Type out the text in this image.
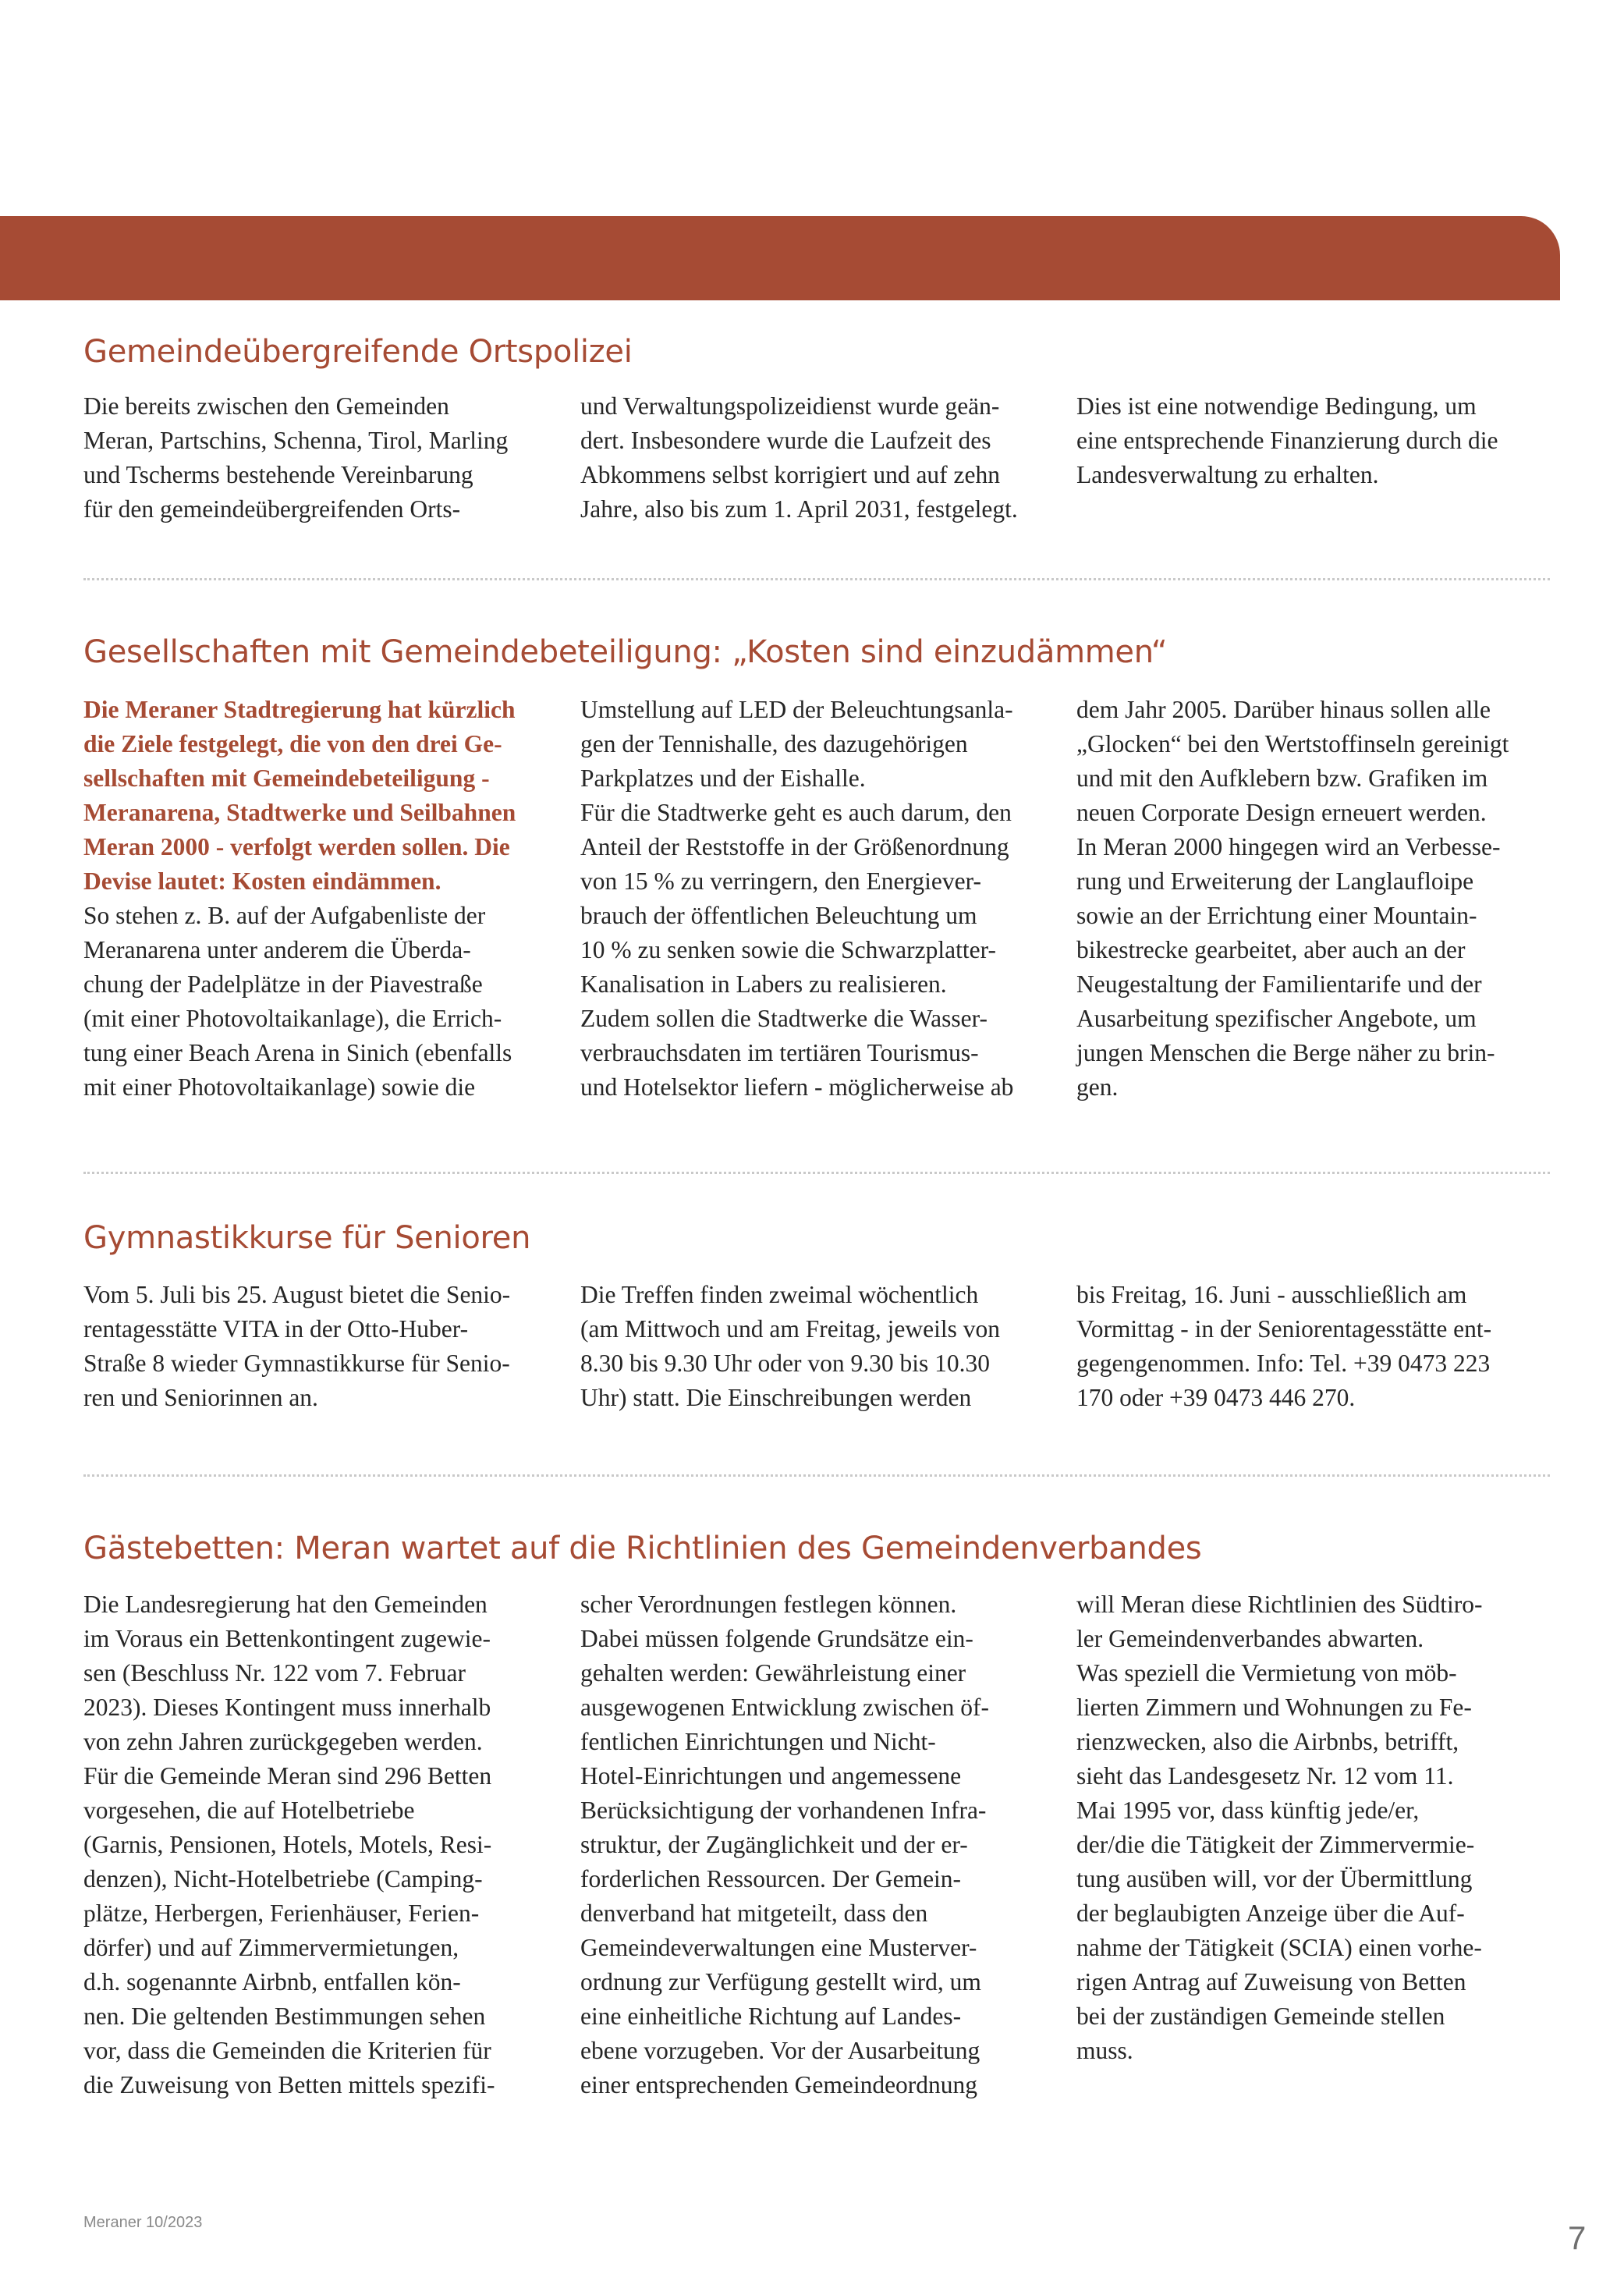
Gemeindeübergreifende Ortspolizei
Die bereits zwischen den Gemeinden
Meran, Partschins, Schenna, Tirol, Marling
und Tscherms bestehende Vereinbarung
für den gemeindeübergreifenden Orts-
und Verwaltungspolizeidienst wurde geän-
dert. Insbesondere wurde die Laufzeit des
Abkommens selbst korrigiert und auf zehn
Jahre, also bis zum 1. April 2031, festgelegt.
Dies ist eine notwendige Bedingung, um
eine entsprechende Finanzierung durch die
Landesverwaltung zu erhalten.
Gesellschaften mit Gemeindebeteiligung: „Kosten sind einzudämmen“
Die Meraner Stadtregierung hat kürzlich
die Ziele festgelegt, die von den drei Ge-
sellschaften mit Gemeindebeteiligung -
Meranarena, Stadtwerke und Seilbahnen
Meran 2000 - verfolgt werden sollen. Die
Devise lautet: Kosten eindämmen.
So stehen z. B. auf der Aufgabenliste der
Meranarena unter anderem die Überda-
chung der Padelplätze in der Piavestraße
(mit einer Photovoltaikanlage), die Errich-
tung einer Beach Arena in Sinich (ebenfalls
mit einer Photovoltaikanlage) sowie die
Umstellung auf LED der Beleuchtungsanla-
gen der Tennishalle, des dazugehörigen
Parkplatzes und der Eishalle.
Für die Stadtwerke geht es auch darum, den
Anteil der Reststoffe in der Größenordnung
von 15 % zu verringern, den Energiever-
brauch der öffentlichen Beleuchtung um
10 % zu senken sowie die Schwarzplatter-
Kanalisation in Labers zu realisieren.
Zudem sollen die Stadtwerke die Wasser-
verbrauchsdaten im tertiären Tourismus-
und Hotelsektor liefern - möglicherweise ab
dem Jahr 2005. Darüber hinaus sollen alle
„Glocken“ bei den Wertstoffinseln gereinigt
und mit den Aufklebern bzw. Grafiken im
neuen Corporate Design erneuert werden.
In Meran 2000 hingegen wird an Verbesse-
rung und Erweiterung der Langlaufloipe
sowie an der Errichtung einer Mountain-
bikestrecke gearbeitet, aber auch an der
Neugestaltung der Familientarife und der
Ausarbeitung spezifischer Angebote, um
jungen Menschen die Berge näher zu brin-
gen.
Gymnastikkurse für Senioren
Vom 5. Juli bis 25. August bietet die Senio-
rentagesstätte VITA in der Otto-Huber-
Straße 8 wieder Gymnastikkurse für Senio-
ren und Seniorinnen an.
Die Treffen finden zweimal wöchentlich
(am Mittwoch und am Freitag, jeweils von
8.30 bis 9.30 Uhr oder von 9.30 bis 10.30
Uhr) statt. Die Einschreibungen werden
bis Freitag, 16. Juni - ausschließlich am
Vormittag - in der Seniorentagesstätte ent-
gegengenommen. Info: Tel. +39 0473 223
170 oder +39 0473 446 270.
Gästebetten: Meran wartet auf die Richtlinien des Gemeindenverbandes
Die Landesregierung hat den Gemeinden
im Voraus ein Bettenkontingent zugewie-
sen (Beschluss Nr. 122 vom 7. Februar
2023). Dieses Kontingent muss innerhalb
von zehn Jahren zurückgegeben werden.
Für die Gemeinde Meran sind 296 Betten
vorgesehen, die auf Hotelbetriebe
(Garnis, Pensionen, Hotels, Motels, Resi-
denzen), Nicht-Hotelbetriebe (Camping-
plätze, Herbergen, Ferienhäuser, Ferien-
dörfer) und auf Zimmervermietungen,
d.h. sogenannte Airbnb, entfallen kön-
nen. Die geltenden Bestimmungen sehen
vor, dass die Gemeinden die Kriterien für
die Zuweisung von Betten mittels spezifi-
scher Verordnungen festlegen können.
Dabei müssen folgende Grundsätze ein-
gehalten werden: Gewährleistung einer
ausgewogenen Entwicklung zwischen öf-
fentlichen Einrichtungen und Nicht-
Hotel-Einrichtungen und angemessene
Berücksichtigung der vorhandenen Infra-
struktur, der Zugänglichkeit und der er-
forderlichen Ressourcen. Der Gemein-
denverband hat mitgeteilt, dass den
Gemeindeverwaltungen eine Musterver-
ordnung zur Verfügung gestellt wird, um
eine einheitliche Richtung auf Landes-
ebene vorzugeben. Vor der Ausarbeitung
einer entsprechenden Gemeindeordnung
will Meran diese Richtlinien des Südtiro-
ler Gemeindenverbandes abwarten.
Was speziell die Vermietung von möb-
lierten Zimmern und Wohnungen zu Fe-
rienzwecken, also die Airbnbs, betrifft,
sieht das Landesgesetz Nr. 12 vom 11.
Mai 1995 vor, dass künftig jede/er,
der/die die Tätigkeit der Zimmervermie-
tung ausüben will, vor der Übermittlung
der beglaubigten Anzeige über die Auf-
nahme der Tätigkeit (SCIA) einen vorhe-
rigen Antrag auf Zuweisung von Betten
bei der zuständigen Gemeinde stellen
muss.
Meraner 10/2023	7
